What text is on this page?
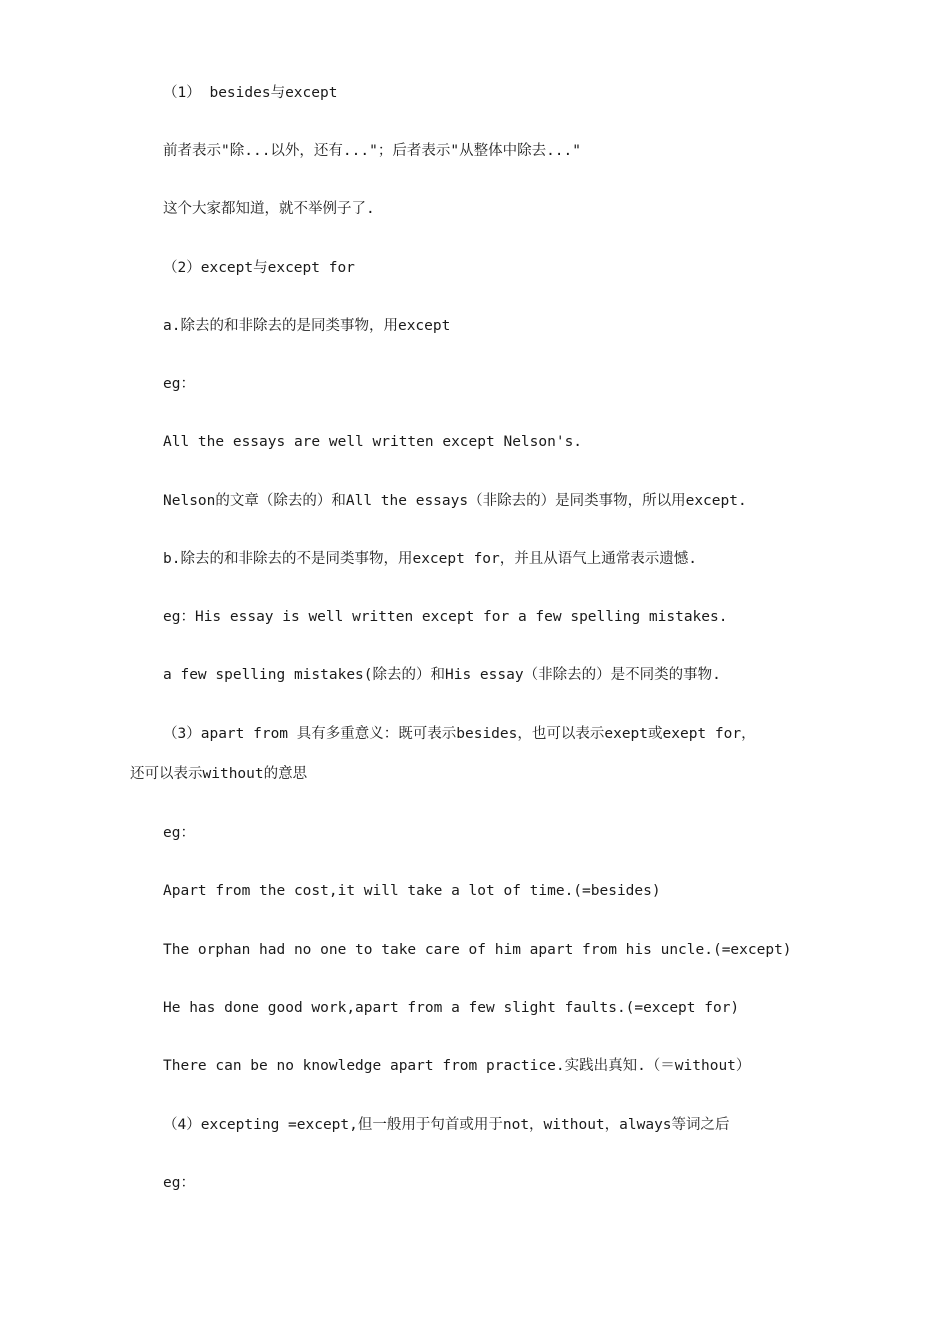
（1） besides与except
前者表示"除...以外，还有..."；后者表示"从整体中除去..."
这个大家都知道，就不举例子了.
（2）except与except for
a.除去的和非除去的是同类事物，用except
eg：
All the essays are well written except Nelson's.
Nelson的文章（除去的）和All the essays（非除去的）是同类事物，所以用except.
b.除去的和非除去的不是同类事物，用except for，并且从语气上通常表示遗憾.
eg：His essay is well written except for a few spelling mistakes.
a few spelling mistakes(除去的）和His essay（非除去的）是不同类的事物.
（3）apart from 具有多重意义：既可表示besides，也可以表示exept或exept for，
还可以表示without的意思
eg：
Apart from the cost,it will take a lot of time.(=besides)
The orphan had no one to take care of him apart from his uncle.(=except)
He has done good work,apart from a few slight faults.(=except for)
There can be no knowledge apart from practice.实践出真知.（＝without）
（4）excepting =except,但一般用于句首或用于not，without，always等词之后
eg：
